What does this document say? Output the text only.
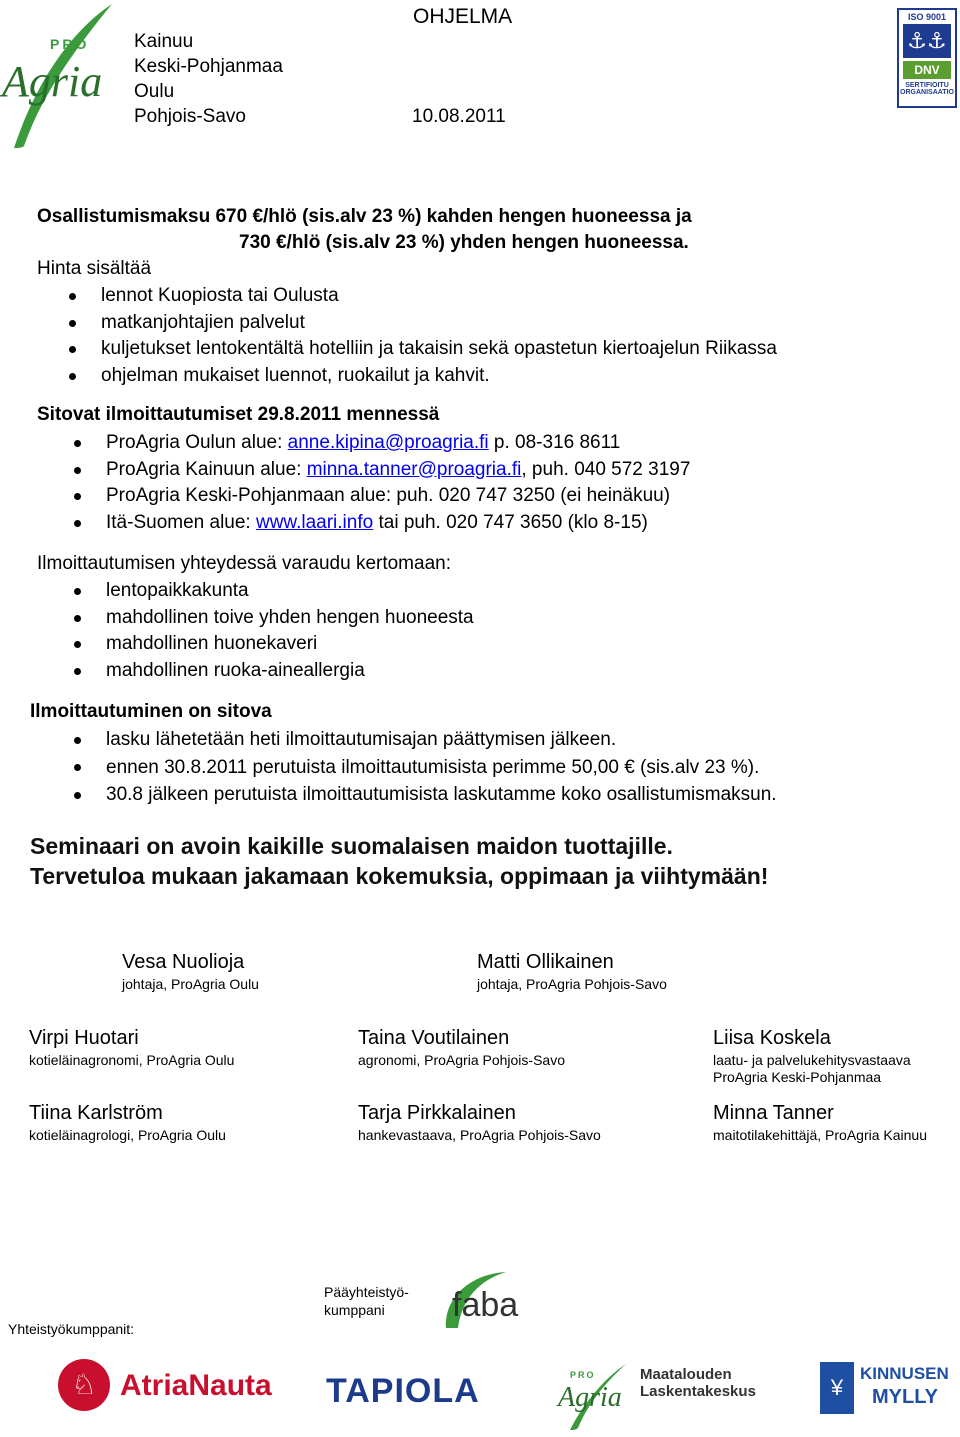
PRO
Agria
Kainuu
Keski-Pohjanmaa
Oulu
Pohjois-Savo
OHJELMA
10.08.2011
ISO 9001
⚓⚓
DNV
SERTIFIOITU
ORGANISAATIO
Osallistumismaksu 670 €/hlö (sis.alv 23 %) kahden hengen huoneessa ja
730 €/hlö (sis.alv 23 %) yhden hengen huoneessa.
Hinta sisältää
lennot Kuopiosta tai Oulusta
matkanjohtajien palvelut
kuljetukset lentokentältä hotelliin ja takaisin sekä opastetun kiertoajelun Riikassa
ohjelman mukaiset luennot, ruokailut ja kahvit.
Sitovat ilmoittautumiset 29.8.2011 mennessä
ProAgria Oulun alue: anne.kipina@proagria.fi p. 08-316 8611
ProAgria Kainuun alue: minna.tanner@proagria.fi, puh. 040 572 3197
ProAgria Keski-Pohjanmaan alue: puh. 020 747 3250 (ei heinäkuu)
Itä-Suomen alue: www.laari.info tai puh. 020 747 3650 (klo 8-15)
Ilmoittautumisen yhteydessä varaudu kertomaan:
lentopaikkakunta
mahdollinen toive yhden hengen huoneesta
mahdollinen huonekaveri
mahdollinen ruoka-aineallergia
Ilmoittautuminen on sitova
lasku lähetetään heti ilmoittautumisajan päättymisen jälkeen.
ennen 30.8.2011 perutuista ilmoittautumisista perimme 50,00 € (sis.alv 23 %).
30.8 jälkeen perutuista ilmoittautumisista laskutamme koko osallistumismaksun.
Seminaari on avoin kaikille suomalaisen maidon tuottajille.
Tervetuloa mukaan jakamaan kokemuksia, oppimaan ja viihtymään!
Vesa Nuolioja
johtaja, ProAgria Oulu
Matti Ollikainen
johtaja, ProAgria Pohjois-Savo
Virpi Huotari
kotieläinagronomi, ProAgria Oulu
Taina Voutilainen
agronomi, ProAgria Pohjois-Savo
Liisa Koskela
laatu- ja palvelukehitysvastaava
ProAgria Keski-Pohjanmaa
Tiina Karlström
kotieläinagrologi, ProAgria Oulu
Tarja Pirkkalainen
hankevastaava, ProAgria Pohjois-Savo
Minna Tanner
maitotilakehittäjä, ProAgria Kainuu
Pääyhteistyö-
kumppani	faba
Yhteistyökumppanit:
♘ AtriaNauta TAPIOLA	PRO
Agria
Maatalouden
Laskentakeskus	¥
KINNUSEN
MYLLY
